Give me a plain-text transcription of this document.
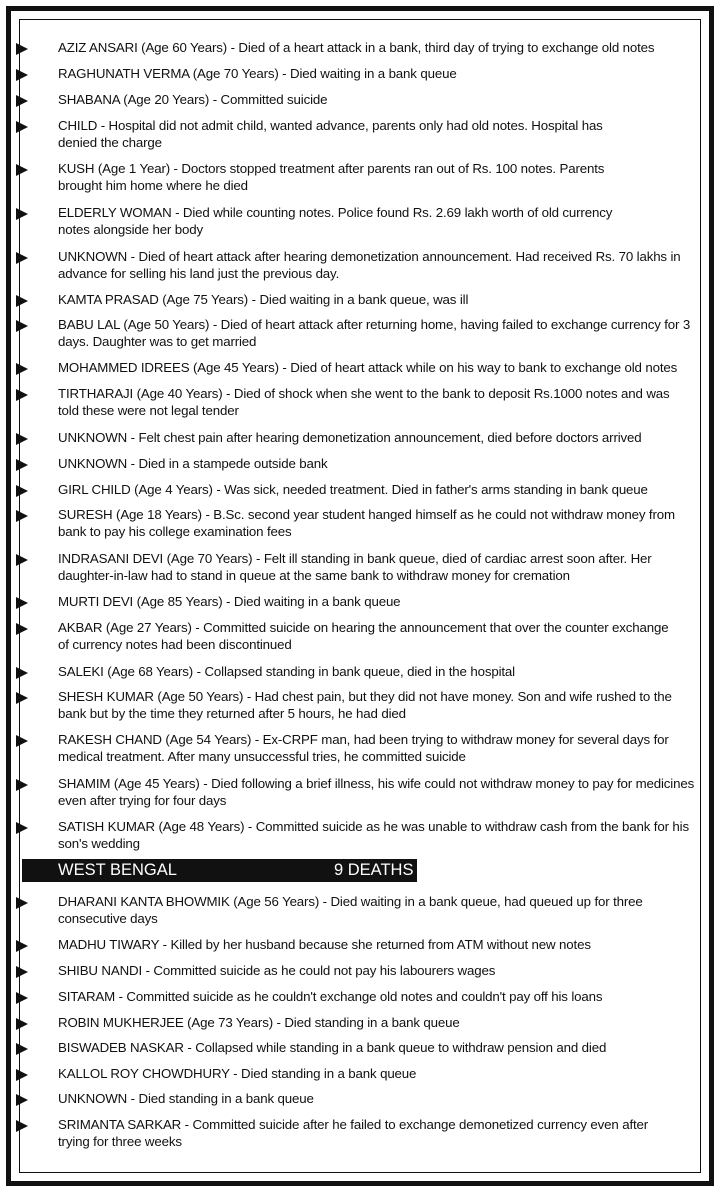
AZIZ ANSARI (Age 60 Years) - Died of a heart attack in a bank, third day of trying to exchange old notes
RAGHUNATH VERMA (Age 70 Years) - Died waiting in a bank queue
SHABANA (Age 20 Years) - Committed suicide
CHILD - Hospital did not admit child, wanted advance, parents only had old notes. Hospital has denied the charge
KUSH (Age 1 Year) - Doctors stopped treatment after parents ran out of Rs. 100 notes. Parents brought him home where he died
ELDERLY WOMAN - Died while counting notes. Police found Rs. 2.69 lakh worth of old currency notes alongside her body
UNKNOWN - Died of heart attack after hearing demonetization announcement. Had received Rs. 70 lakhs in advance for selling his land just the previous day.
KAMTA PRASAD (Age 75 Years) - Died waiting in a bank queue, was ill
BABU LAL (Age 50 Years) - Died of heart attack after returning home, having failed to exchange currency for 3 days. Daughter was to get married
MOHAMMED IDREES (Age 45 Years) - Died of heart attack while on his way to bank to exchange old notes
TIRTHARAJI (Age 40 Years) - Died of shock when she went to the bank to deposit Rs.1000 notes and was told these were not legal tender
UNKNOWN - Felt chest pain after hearing demonetization announcement, died before doctors arrived
UNKNOWN - Died in a stampede outside bank
GIRL CHILD (Age 4 Years) - Was sick, needed treatment. Died in father's arms standing in bank queue
SURESH (Age 18 Years) - B.Sc. second year student hanged himself as he could not withdraw money from bank to pay his college examination fees
INDRASANI DEVI (Age 70 Years) - Felt ill standing in bank queue, died of cardiac arrest soon after. Her daughter-in-law had to stand in queue at the same bank to withdraw money for cremation
MURTI DEVI (Age 85 Years) - Died waiting in a bank queue
AKBAR (Age 27 Years) - Committed suicide on hearing the announcement that over the counter exchange of currency notes had been discontinued
SALEKI (Age 68 Years) - Collapsed standing in bank queue, died in the hospital
SHESH KUMAR (Age 50 Years) - Had chest pain, but they did not have money. Son and wife rushed to the bank but by the time they returned after 5 hours, he had died
RAKESH CHAND (Age 54 Years) - Ex-CRPF man, had been trying to withdraw money for several days for medical treatment. After many unsuccessful tries, he committed suicide
SHAMIM (Age 45 Years) - Died following a brief illness, his wife could not withdraw money to pay for medicines even after trying for four days
SATISH KUMAR (Age 48 Years) - Committed suicide as he was unable to withdraw cash from the bank for his son's wedding
WEST BENGAL	9 DEATHS
DHARANI KANTA BHOWMIK (Age 56 Years) - Died waiting in a bank queue, had queued up for three consecutive days
MADHU TIWARY - Killed by her husband because she returned from ATM without new notes
SHIBU NANDI - Committed suicide as he could not pay his labourers wages
SITARAM - Committed suicide as he couldn't exchange old notes and couldn't pay off his loans
ROBIN MUKHERJEE (Age 73 Years) - Died standing in a bank queue
BISWADEB NASKAR - Collapsed while standing in a bank queue to withdraw pension and died
KALLOL ROY CHOWDHURY - Died standing in a bank queue
UNKNOWN - Died standing in a bank queue
SRIMANTA SARKAR - Committed suicide after he failed to exchange demonetized currency even after trying for three weeks
